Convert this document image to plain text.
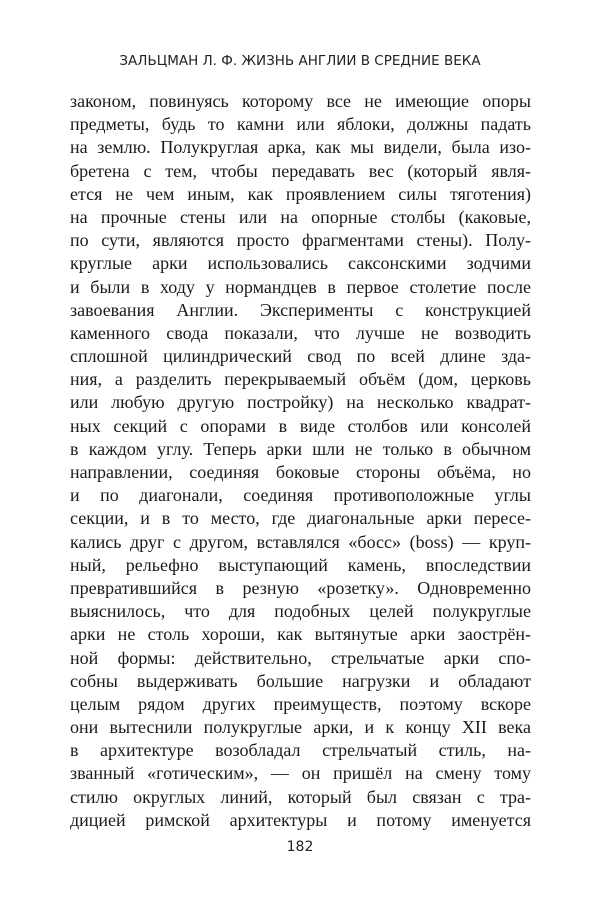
ЗАЛЬЦМАН Л. Ф. ЖИЗНЬ АНГЛИИ В СРЕДНИЕ ВЕКА
законом, повинуясь которому все не имеющие опоры
предметы, будь то камни или яблоки, должны падать
на землю. Полукруглая арка, как мы видели, была изо-
бретена с тем, чтобы передавать вес (который явля-
ется не чем иным, как проявлением силы тяготения)
на прочные стены или на опорные столбы (каковые,
по сути, являются просто фрагментами стены). Полу-
круглые арки использовались саксонскими зодчими
и были в ходу у нормандцев в первое столетие после
завоевания Англии. Эксперименты с конструкцией
каменного свода показали, что лучше не возводить
сплошной цилиндрический свод по всей длине зда-
ния, а разделить перекрываемый объём (дом, церковь
или любую другую постройку) на несколько квадрат-
ных секций с опорами в виде столбов или консолей
в каждом углу. Теперь арки шли не только в обычном
направлении, соединяя боковые стороны объёма, но
и по диагонали, соединяя противоположные углы
секции, и в то место, где диагональные арки пересе-
кались друг с другом, вставлялся «босс» (boss) — круп-
ный, рельефно выступающий камень, впоследствии
превратившийся в резную «розетку». Одновременно
выяснилось, что для подобных целей полукруглые
арки не столь хороши, как вытянутые арки заострён-
ной формы: действительно, стрельчатые арки спо-
собны выдерживать большие нагрузки и обладают
целым рядом других преимуществ, поэтому вскоре
они вытеснили полукруглые арки, и к концу XII века
в архитектуре возобладал стрельчатый стиль, на-
званный «готическим», — он пришёл на смену тому
стилю округлых линий, который был связан с тра-
дицией римской архитектуры и потому именуется
182
